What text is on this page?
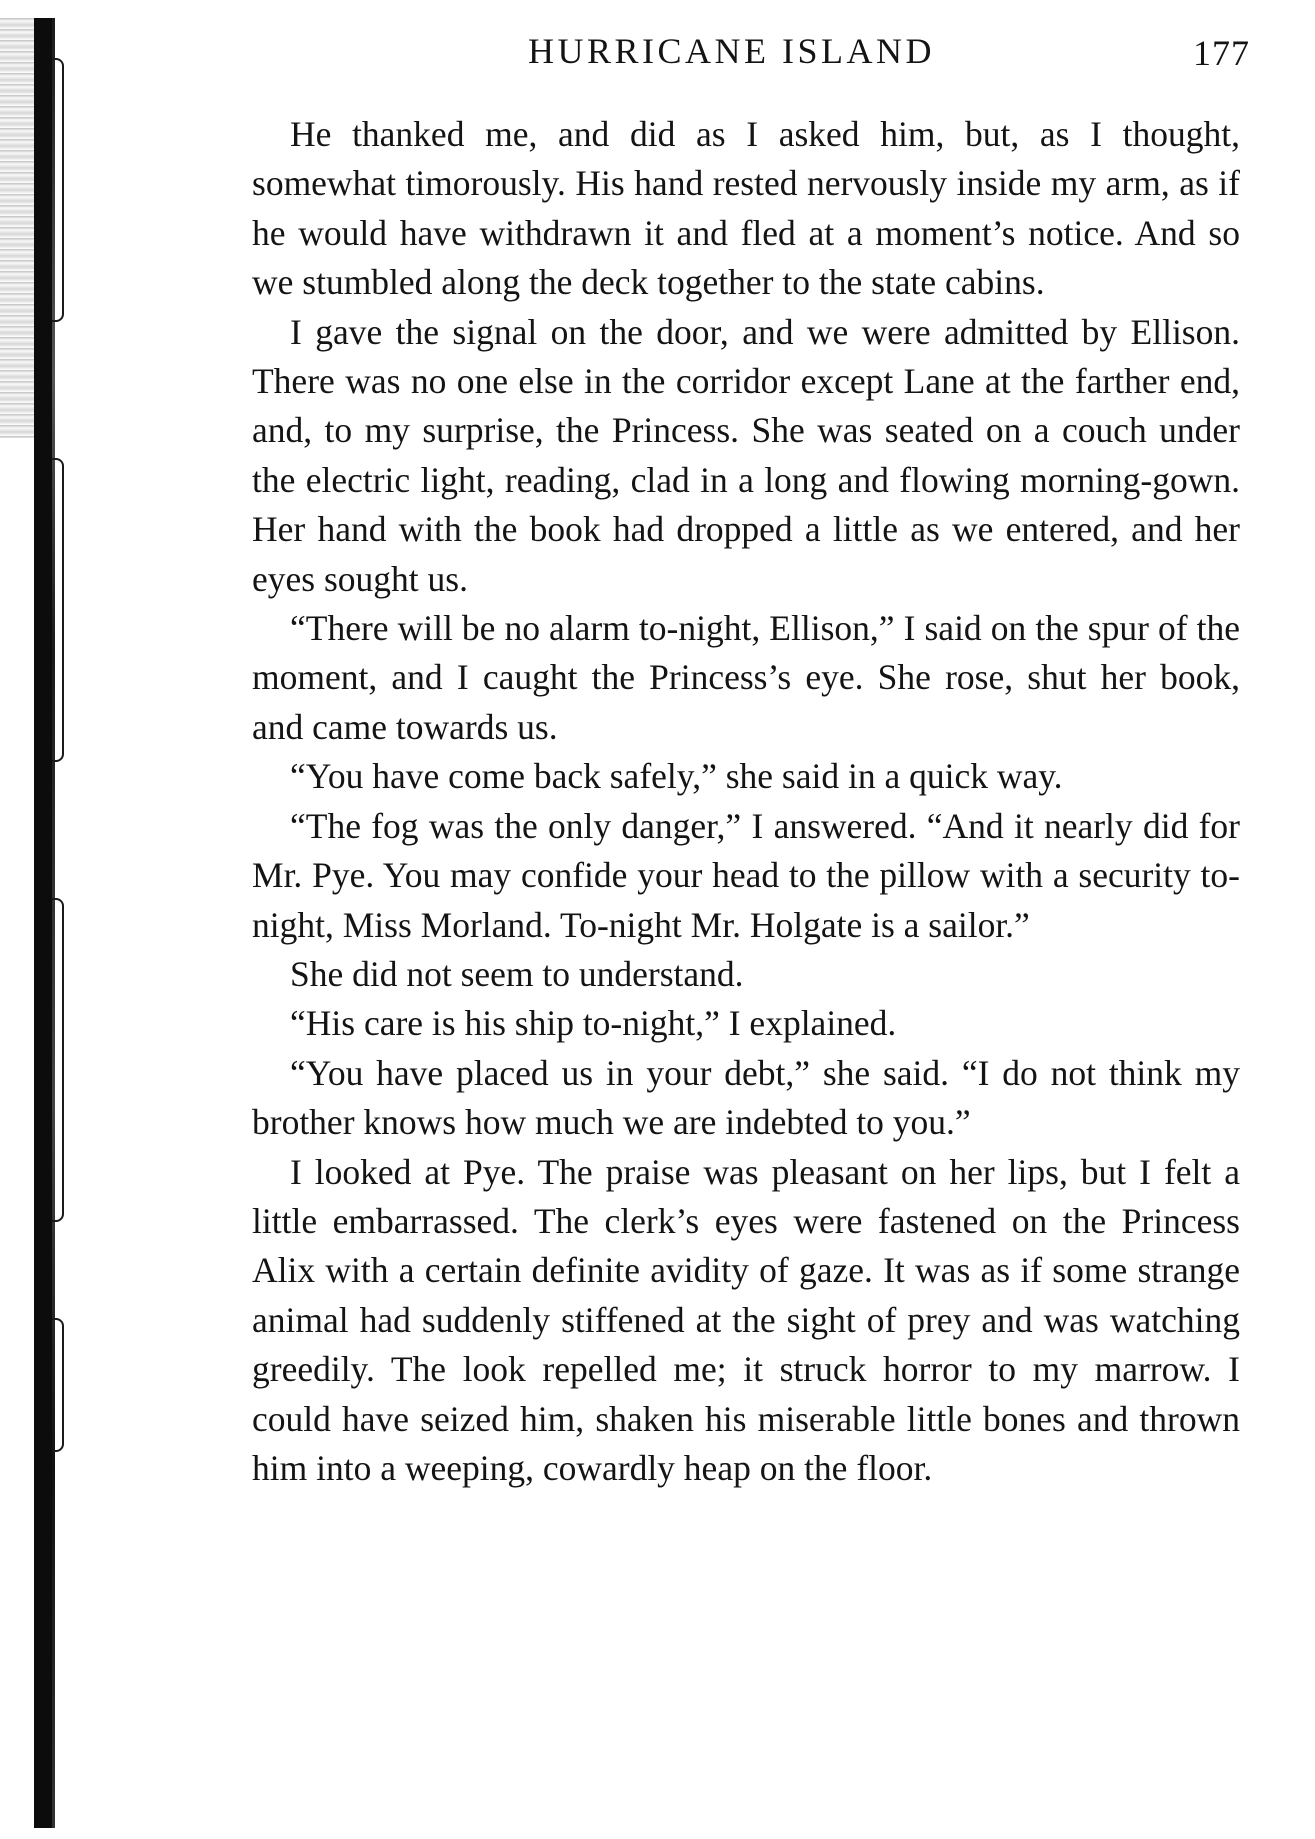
HURRICANE ISLAND	177

He thanked me, and did as I asked him, but, as I thought, somewhat timorously. His hand rested nervously inside my arm, as if he would have withdrawn it and fled at a moment’s notice. And so we stumbled along the deck together to the state cabins.

I gave the signal on the door, and we were admitted by Ellison. There was no one else in the corridor except Lane at the farther end, and, to my surprise, the Princess. She was seated on a couch under the electric light, reading, clad in a long and flowing morning-gown. Her hand with the book had dropped a little as we entered, and her eyes sought us.

“There will be no alarm to-night, Ellison,” I said on the spur of the moment, and I caught the Princess’s eye. She rose, shut her book, and came towards us.

“You have come back safely,” she said in a quick way.

“The fog was the only danger,” I answered. “And it nearly did for Mr. Pye. You may confide your head to the pillow with a security to-night, Miss Morland. To-night Mr. Holgate is a sailor.”

She did not seem to understand.

“His care is his ship to-night,” I explained.

“You have placed us in your debt,” she said. “I do not think my brother knows how much we are indebted to you.”

I looked at Pye. The praise was pleasant on her lips, but I felt a little embarrassed. The clerk’s eyes were fastened on the Princess Alix with a certain definite avidity of gaze. It was as if some strange animal had suddenly stiffened at the sight of prey and was watching greedily. The look repelled me; it struck horror to my marrow. I could have seized him, shaken his miserable little bones and thrown him into a weeping, cowardly heap on the floor.
